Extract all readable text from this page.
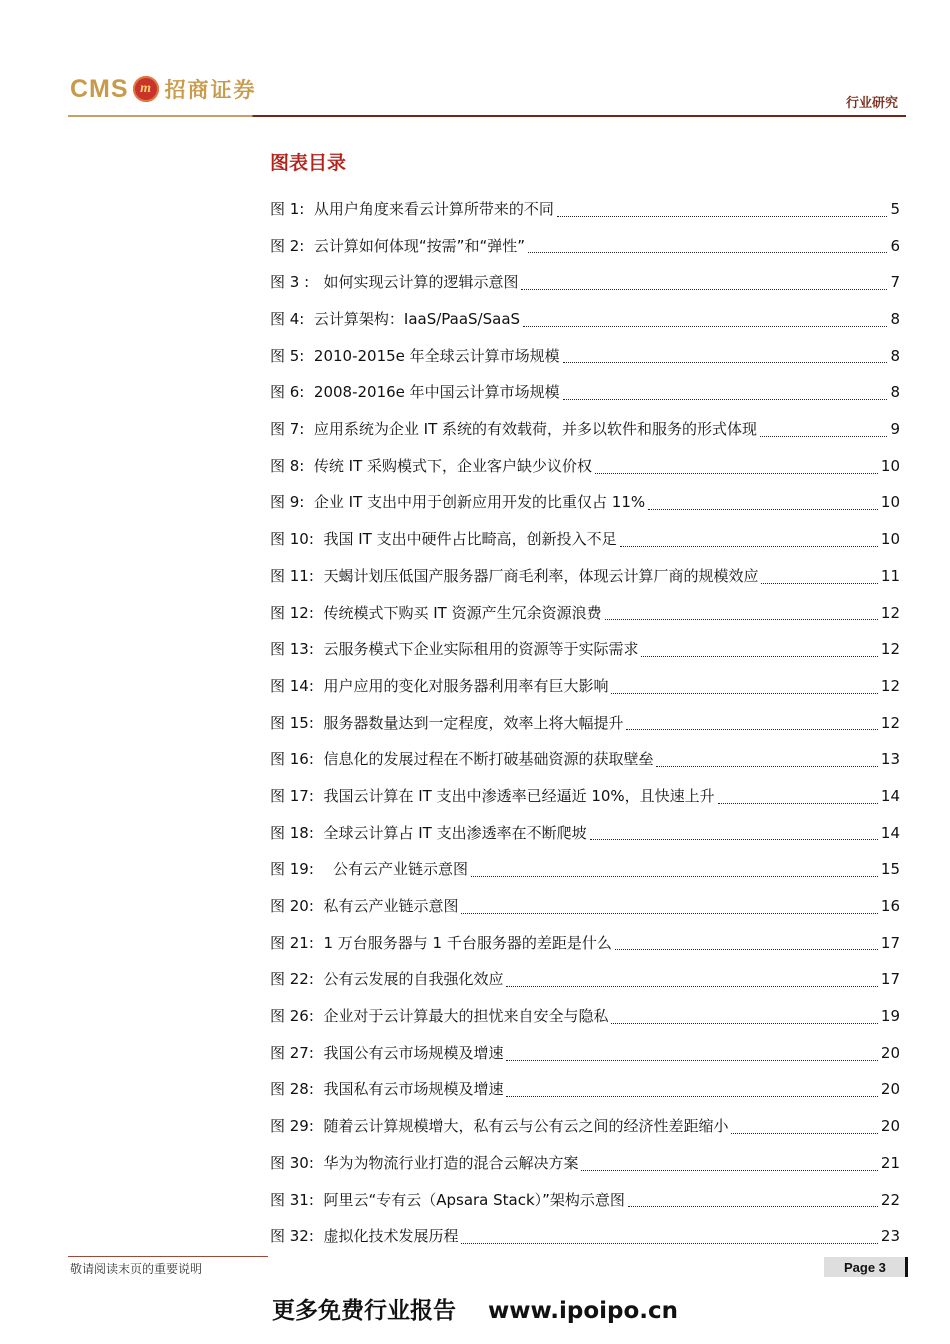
CMS m 招商证券
行业研究
图表目录
图 1:  从用户角度来看云计算所带来的不同	5
图 2:  云计算如何体现“按需”和“弹性”	6
图 3 :   如何实现云计算的逻辑示意图	7
图 4:  云计算架构：IaaS/PaaS/SaaS	8
图 5:  2010-2015e 年全球云计算市场规模	8
图 6:  2008-2016e 年中国云计算市场规模	8
图 7:  应用系统为企业 IT 系统的有效载荷，并多以软件和服务的形式体现	9
图 8:  传统 IT 采购模式下，企业客户缺少议价权	10
图 9:  企业 IT 支出中用于创新应用开发的比重仅占 11%	10
图 10:  我国 IT 支出中硬件占比畸高，创新投入不足	10
图 11:  天蝎计划压低国产服务器厂商毛利率，体现云计算厂商的规模效应	11
图 12:  传统模式下购买 IT 资源产生冗余资源浪费	12
图 13:  云服务模式下企业实际租用的资源等于实际需求	12
图 14:  用户应用的变化对服务器利用率有巨大影响	12
图 15:  服务器数量达到一定程度，效率上将大幅提升	12
图 16:  信息化的发展过程在不断打破基础资源的获取壁垒	13
图 17:  我国云计算在 IT 支出中渗透率已经逼近 10%，且快速上升	14
图 18:  全球云计算占 IT 支出渗透率在不断爬坡	14
图 19:    公有云产业链示意图	15
图 20:  私有云产业链示意图	16
图 21:  1 万台服务器与 1 千台服务器的差距是什么	17
图 22:  公有云发展的自我强化效应	17
图 26:  企业对于云计算最大的担忧来自安全与隐私	19
图 27:  我国公有云市场规模及增速	20
图 28:  我国私有云市场规模及增速	20
图 29:  随着云计算规模增大，私有云与公有云之间的经济性差距缩小	20
图 30:  华为为物流行业打造的混合云解决方案	21
图 31:  阿里云“专有云（Apsara Stack）”架构示意图	22
图 32:  虚拟化技术发展历程	23
敬请阅读末页的重要说明	Page 3
更多免费行业报告 www.ipoipo.cn
